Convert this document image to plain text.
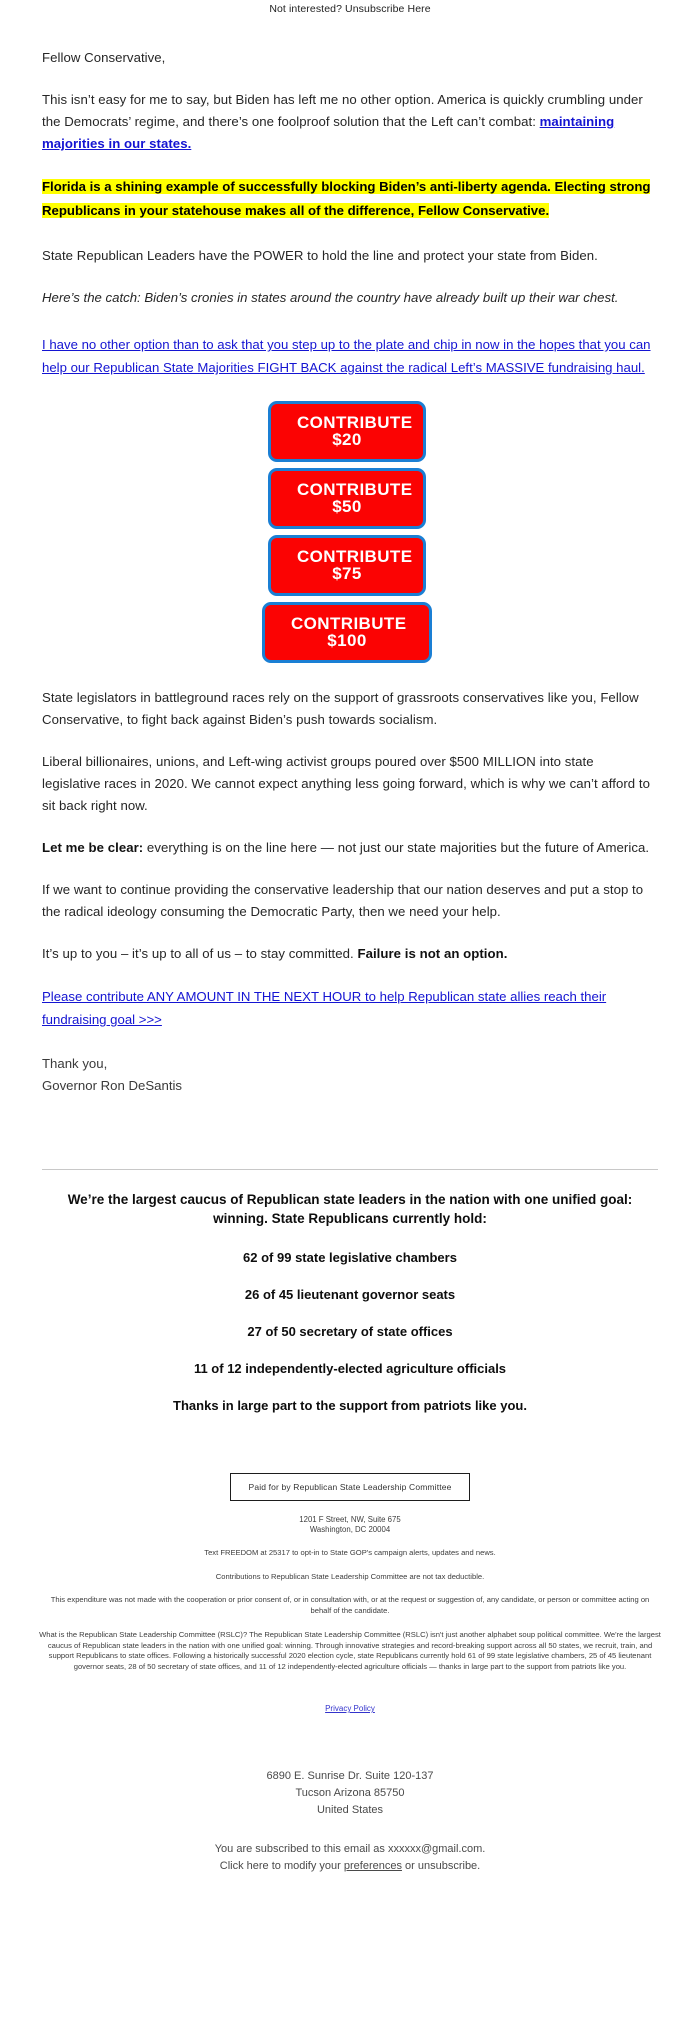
Not interested? Unsubscribe Here

Fellow Conservative,

This isn’t easy for me to say, but Biden has left me no other option. America is quickly crumbling under the Democrats’ regime, and there’s one foolproof solution that the Left can’t combat: maintaining majorities in our states.

Florida is a shining example of successfully blocking Biden’s anti-liberty agenda. Electing strong Republicans in your statehouse makes all of the difference, Fellow Conservative.

State Republican Leaders have the POWER to hold the line and protect your state from Biden.

Here’s the catch: Biden’s cronies in states around the country have already built up their war chest.

I have no other option than to ask that you step up to the plate and chip in now in the hopes that you can help our Republican State Majorities FIGHT BACK against the radical Left’s MASSIVE fundraising haul.

CONTRIBUTE $20
CONTRIBUTE $50
CONTRIBUTE $75
CONTRIBUTE $100

State legislators in battleground races rely on the support of grassroots conservatives like you, Fellow Conservative, to fight back against Biden’s push towards socialism.

Liberal billionaires, unions, and Left-wing activist groups poured over $500 MILLION into state legislative races in 2020. We cannot expect anything less going forward, which is why we can’t afford to sit back right now.

Let me be clear: everything is on the line here — not just our state majorities but the future of America.

If we want to continue providing the conservative leadership that our nation deserves and put a stop to the radical ideology consuming the Democratic Party, then we need your help.

It’s up to you – it’s up to all of us – to stay committed. Failure is not an option.

Please contribute ANY AMOUNT IN THE NEXT HOUR to help Republican state allies reach their fundraising goal >>>

Thank you,
Governor Ron DeSantis
We’re the largest caucus of Republican state leaders in the nation with one unified goal: winning. State Republicans currently hold:
62 of 99 state legislative chambers
26 of 45 lieutenant governor seats
27 of 50 secretary of state offices
11 of 12 independently-elected agriculture officials
Thanks in large part to the support from patriots like you.
Paid for by Republican State Leadership Committee
1201 F Street, NW, Suite 675
Washington, DC 20004
Text FREEDOM at 25317 to opt-in to State GOP's campaign alerts, updates and news.
Contributions to Republican State Leadership Committee are not tax deductible.
This expenditure was not made with the cooperation or prior consent of, or in consultation with, or at the request or suggestion of, any candidate, or person or committee acting on behalf of the candidate.
What is the Republican State Leadership Committee (RSLC)? The Republican State Leadership Committee (RSLC) isn't just another alphabet soup political committee. We're the largest caucus of Republican state leaders in the nation with one unified goal: winning. Through innovative strategies and record-breaking support across all 50 states, we recruit, train, and support Republicans to state offices. Following a historically successful 2020 election cycle, state Republicans currently hold 61 of 99 state legislative chambers, 25 of 45 lieutenant governor seats, 28 of 50 secretary of state offices, and 11 of 12 independently-elected agriculture officials — thanks in large part to the support from patriots like you.
Privacy Policy
6890 E. Sunrise Dr. Suite 120-137
Tucson Arizona 85750
United States
You are subscribed to this email as xxxxxx@gmail.com.
Click here to modify your preferences or unsubscribe.
